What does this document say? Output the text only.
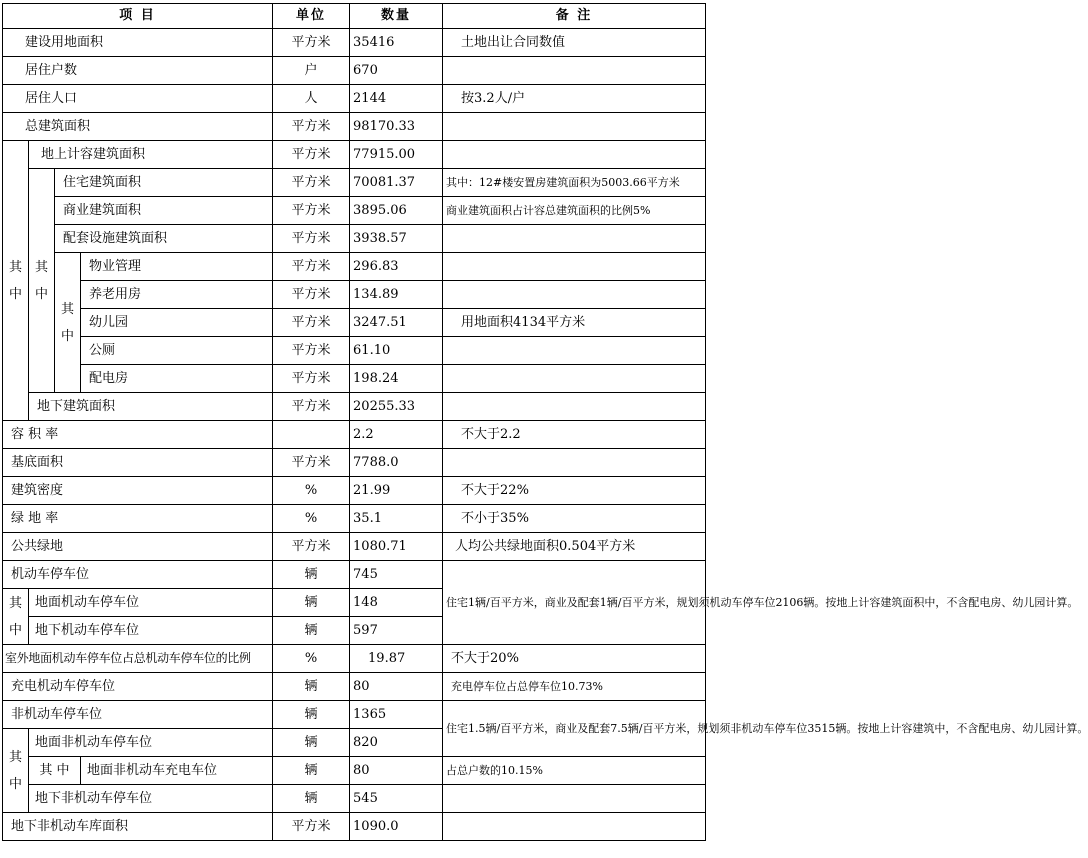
项 目				单位	数量	备 注
建设用地面积				平方米	35416	土地出让合同数值
居住户数				户	670	
居住人口				人	2144	按3.2人/户
总建筑面积				平方米	98170.33	

其
中	地上计容建筑面积			平方米	77915.00	

	其
中	住宅建筑面积		平方米	70081.37	其中：12#楼安置房建筑面积为5003.66平方米
		商业建筑面积		平方米	3895.06	商业建筑面积占计容总建筑面积的比例5%
		配套设施建筑面积		平方米	3938.57	

		其
中	物业管理	平方米	296.83	
			养老用房	平方米	134.89	
			幼儿园	平方米	3247.51	用地面积4134平方米
			公厕	平方米	61.10	
			配电房	平方米	198.24	
	地下建筑面积			平方米	20255.33	
容 积 率					2.2	不大于2.2
基底面积				平方米	7788.0	
建筑密度				%	21.99	不大于22%
绿 地 率				%	35.1	不小于35%
公共绿地				平方米	1080.71	人均公共绿地面积0.504平方米
机动车停车位				辆	745	住宅1辆/百平方米，商业及配套1辆/百平方米，规划须机动车停车位2106辆。按地上计容建筑面积中，不含配电房、幼儿园计算。

其
中	地面机动车停车位			辆	148	
	地下机动车停车位			辆	597	
室外地面机动车停车位占总机动车停车位的比例				%	19.87	不大于20%
充电机动车停车位				辆	80	充电停车位占总停车位10.73%
非机动车停车位				辆	1365	住宅1.5辆/百平方米，商业及配套7.5辆/百平方米，规划须非机动车停车位3515辆。按地上计容建筑中，不含配电房、幼儿园计算。

其
中	地面非机动车停车位			辆	820	
	其 中		地面非机动车充电车位	辆	80	占总户数的10.15%
	地下非机动车停车位			辆	545	
地下非机动车库面积				平方米	1090.0	
